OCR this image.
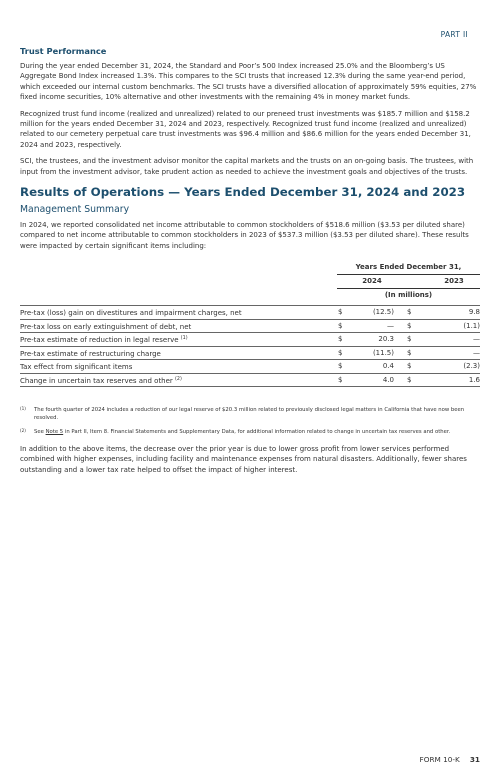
PART II
Trust Performance

During the year ended December 31, 2024, the Standard and Poor’s 500 Index increased 25.0% and the Bloomberg’s US Aggregate Bond Index increased 1.3%. This compares to the SCI trusts that increased 12.3% during the same year-end period, which exceeded our internal custom benchmarks. The SCI trusts have a diversified allocation of approximately 59% equities, 27% fixed income securities, 10% alternative and other investments with the remaining 4% in money market funds.

Recognized trust fund income (realized and unrealized) related to our preneed trust investments was $185.7 million and $158.2 million for the years ended December 31, 2024 and 2023, respectively. Recognized trust fund income (realized and unrealized) related to our cemetery perpetual care trust investments was $96.4 million and $86.6 million for the years ended December 31, 2024 and 2023, respectively.

SCI, the trustees, and the investment advisor monitor the capital markets and the trusts on an on-going basis. The trustees, with input from the investment advisor, take prudent action as needed to achieve the investment goals and objectives of the trusts.

Results of Operations — Years Ended December 31, 2024 and 2023
Management Summary

In 2024, we reported consolidated net income attributable to common stockholders of $518.6 million ($3.53 per diluted share) compared to net income attributable to common stockholders in 2023 of $537.3 million ($3.53 per diluted share). These results were impacted by certain significant items including:

Years Ended December 31,
2024	2023
(In millions)
Pre-tax (loss) gain on divestitures and impairment charges, net	$	(12.5) $	9.8
Pre-tax loss on early extinguishment of debt, net	$	— $	(1.1)
Pre-tax estimate of reduction in legal reserve $^{(1)}$	$	20.3 $	—
Pre-tax estimate of restructuring charge	$	(11.5) $	—
Tax effect from significant items	$	0.4 $	(2.3)
Change in uncertain tax reserves and other $^{(2)}$	$	4.0 $	1.6

(1) The fourth quarter of 2024 includes a reduction of our legal reserve of $20.3 million related to previously disclosed legal matters in California that have now been resolved.

(2) See Note 5 in Part II, Item 8. Financial Statements and Supplementary Data, for additional information related to change in uncertain tax reserves and other.

In addition to the above items, the decrease over the prior year is due to lower gross profit from lower services performed combined with higher expenses, including facility and maintenance expenses from natural disasters. Additionally, fewer shares outstanding and a lower tax rate helped to offset the impact of higher interest.

FORM 10-K 31
